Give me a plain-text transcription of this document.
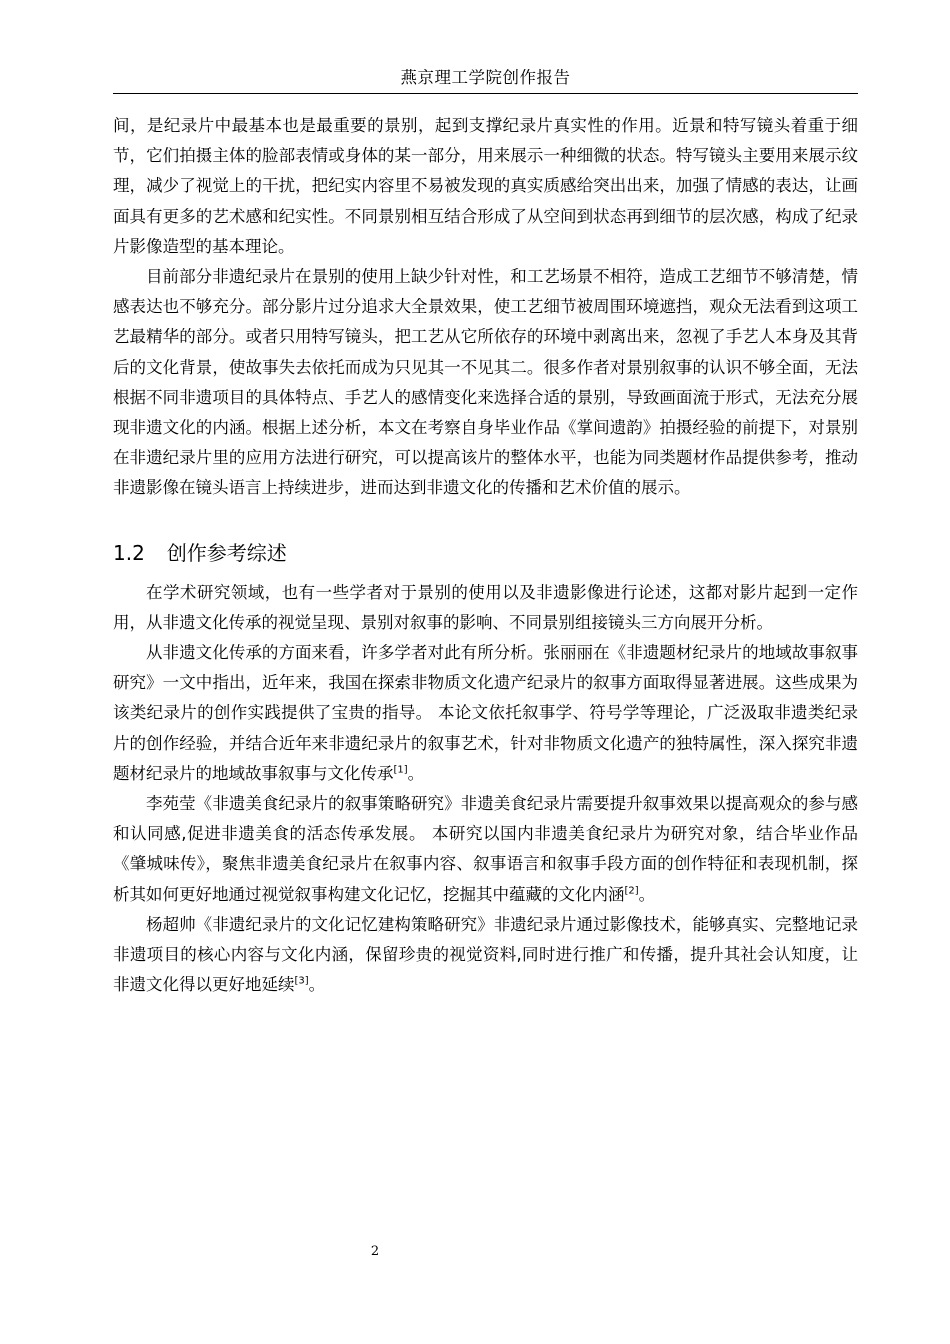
燕京理工学院创作报告

间，是纪录片中最基本也是最重要的景别，起到支撑纪录片真实性的作用。近景和特写镜头着重于细节，它们拍摄主体的脸部表情或身体的某一部分，用来展示一种细微的状态。特写镜头主要用来展示纹理，减少了视觉上的干扰，把纪实内容里不易被发现的真实质感给突出出来，加强了情感的表达，让画面具有更多的艺术感和纪实性。不同景别相互结合形成了从空间到状态再到细节的层次感，构成了纪录片影像造型的基本理论。

目前部分非遗纪录片在景别的使用上缺少针对性，和工艺场景不相符，造成工艺细节不够清楚，情感表达也不够充分。部分影片过分追求大全景效果，使工艺细节被周围环境遮挡，观众无法看到这项工艺最精华的部分。或者只用特写镜头，把工艺从它所依存的环境中剥离出来，忽视了手艺人本身及其背后的文化背景，使故事失去依托而成为只见其一不见其二。很多作者对景别叙事的认识不够全面，无法根据不同非遗项目的具体特点、手艺人的感情变化来选择合适的景别，导致画面流于形式，无法充分展现非遗文化的内涵。根据上述分析，本文在考察自身毕业作品《掌间遗韵》拍摄经验的前提下，对景别在非遗纪录片里的应用方法进行研究，可以提高该片的整体水平，也能为同类题材作品提供参考，推动非遗影像在镜头语言上持续进步，进而达到非遗文化的传播和艺术价值的展示。

1.2 创作参考综述

在学术研究领域，也有一些学者对于景别的使用以及非遗影像进行论述，这都对影片起到一定作用，从非遗文化传承的视觉呈现、景别对叙事的影响、不同景别组接镜头三方向展开分析。

从非遗文化传承的方面来看，许多学者对此有所分析。张丽丽在《非遗题材纪录片的地域故事叙事研究》一文中指出，近年来，我国在探索非物质文化遗产纪录片的叙事方面取得显著进展。这些成果为该类纪录片的创作实践提供了宝贵的指导。 本论文依托叙事学、符号学等理论，广泛汲取非遗类纪录片的创作经验，并结合近年来非遗纪录片的叙事艺术，针对非物质文化遗产的独特属性，深入探究非遗题材纪录片的地域故事叙事与文化传承[1]。

李苑莹《非遗美食纪录片的叙事策略研究》非遗美食纪录片需要提升叙事效果以提高观众的参与感和认同感,促进非遗美食的活态传承发展。 本研究以国内非遗美食纪录片为研究对象，结合毕业作品《肇城味传》，聚焦非遗美食纪录片在叙事内容、叙事语言和叙事手段方面的创作特征和表现机制，探析其如何更好地通过视觉叙事构建文化记忆，挖掘其中蕴藏的文化内涵[2]。

杨超帅《非遗纪录片的文化记忆建构策略研究》非遗纪录片通过影像技术，能够真实、完整地记录非遗项目的核心内容与文化内涵，保留珍贵的视觉资料,同时进行推广和传播，提升其社会认知度，让非遗文化得以更好地延续[3]。

2
